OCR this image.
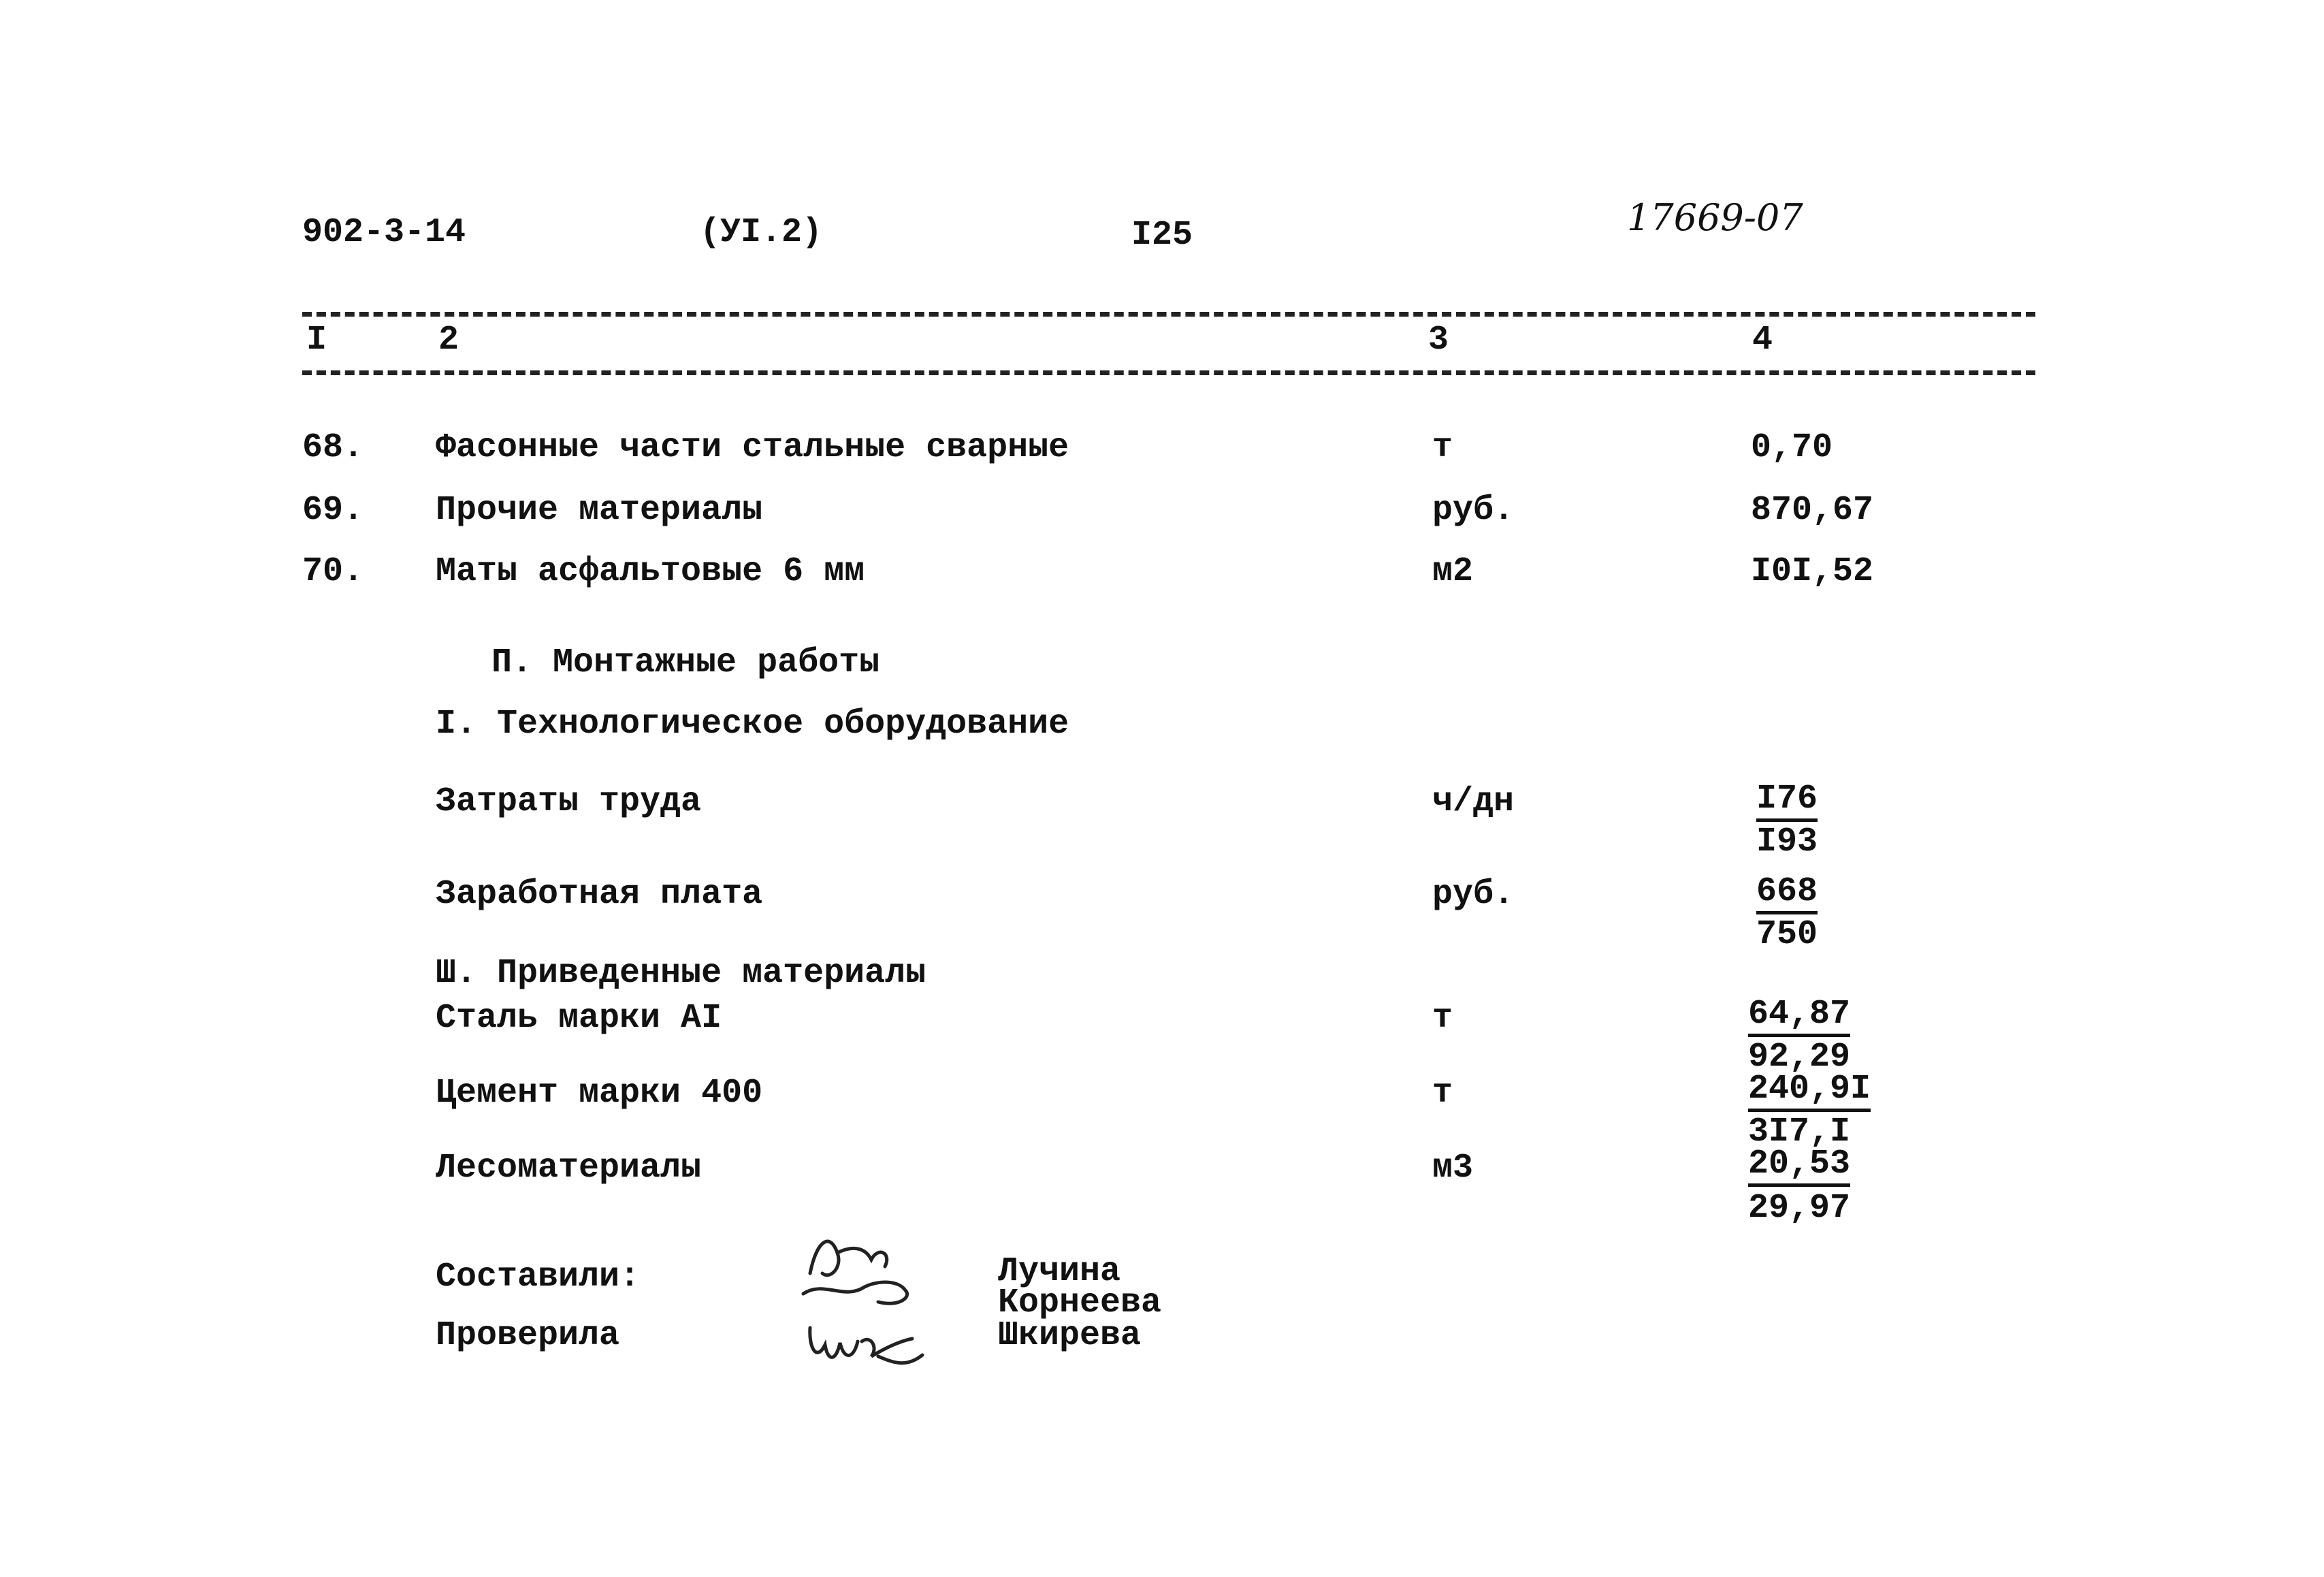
902-3-14	(УI.2)	I25	17669-07
I	2	3	4
68. Фасонные части стальные сварные	т	0,70
69. Прочие материалы	руб.	870,67
70. Маты асфальтовые 6 мм	м2	I0I,52
П. Монтажные работы
I. Технологическое оборудование
Затраты труда	ч/дн	$\frac{I76}{I93}$
Заработная плата	руб.	$\frac{668}{750}$
Ш. Приведенные материалы
Сталь марки АI	т	$\frac{64,87}{92,29}$
Цемент марки 400	т	$\frac{240,9I}{3I7,I}$
Лесоматериалы	м3	$\frac{20,53}{29,97}$
Составили:
Проверила
Лучина
Корнеева
Шкирева
